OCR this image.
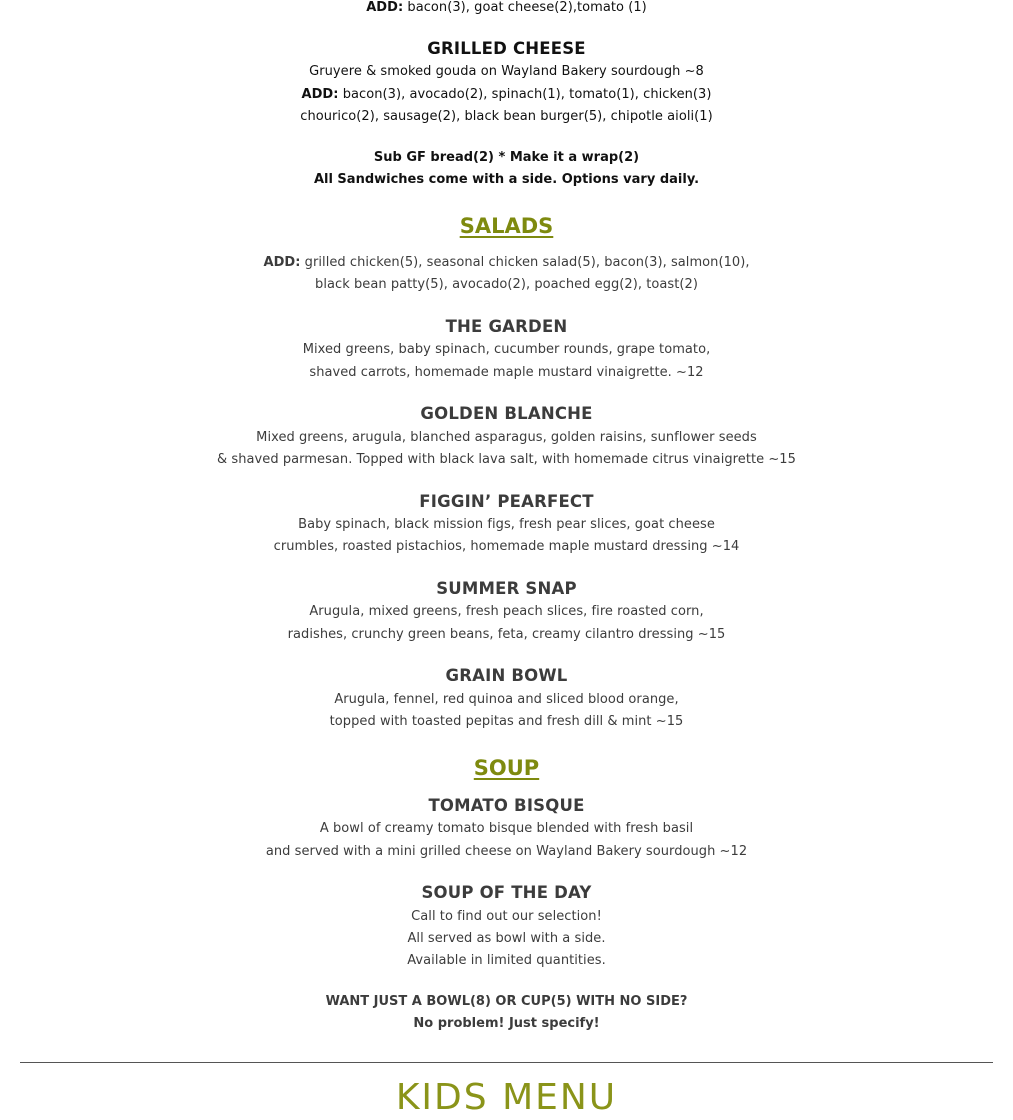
ADD: bacon(3), goat cheese(2),tomato (1)
GRILLED CHEESE
Gruyere & smoked gouda on Wayland Bakery sourdough ~8
ADD: bacon(3), avocado(2), spinach(1), tomato(1), chicken(3)
chourico(2), sausage(2), black bean burger(5), chipotle aioli(1)
Sub GF bread(2) * Make it a wrap(2)
All Sandwiches come with a side. Options vary daily.
SALADS
ADD: grilled chicken(5), seasonal chicken salad(5), bacon(3), salmon(10),
black bean patty(5), avocado(2), poached egg(2), toast(2)
THE GARDEN
Mixed greens, baby spinach, cucumber rounds, grape tomato,
shaved carrots, homemade maple mustard vinaigrette. ~12
GOLDEN BLANCHE
Mixed greens, arugula, blanched asparagus, golden raisins, sunflower seeds
& shaved parmesan. Topped with black lava salt, with homemade citrus vinaigrette ~15
FIGGIN’ PEARFECT
Baby spinach, black mission figs, fresh pear slices, goat cheese
crumbles, roasted pistachios, homemade maple mustard dressing ~14
SUMMER SNAP
Arugula, mixed greens, fresh peach slices, fire roasted corn,
radishes, crunchy green beans, feta, creamy cilantro dressing ~15
GRAIN BOWL
Arugula, fennel, red quinoa and sliced blood orange,
topped with toasted pepitas and fresh dill & mint ~15
SOUP
TOMATO BISQUE
A bowl of creamy tomato bisque blended with fresh basil
and served with a mini grilled cheese on Wayland Bakery sourdough ~12
SOUP OF THE DAY
Call to find out our selection!
All served as bowl with a side.
Available in limited quantities.
WANT JUST A BOWL(8) OR CUP(5) WITH NO SIDE?
No problem! Just specify!
KIDS MENU
